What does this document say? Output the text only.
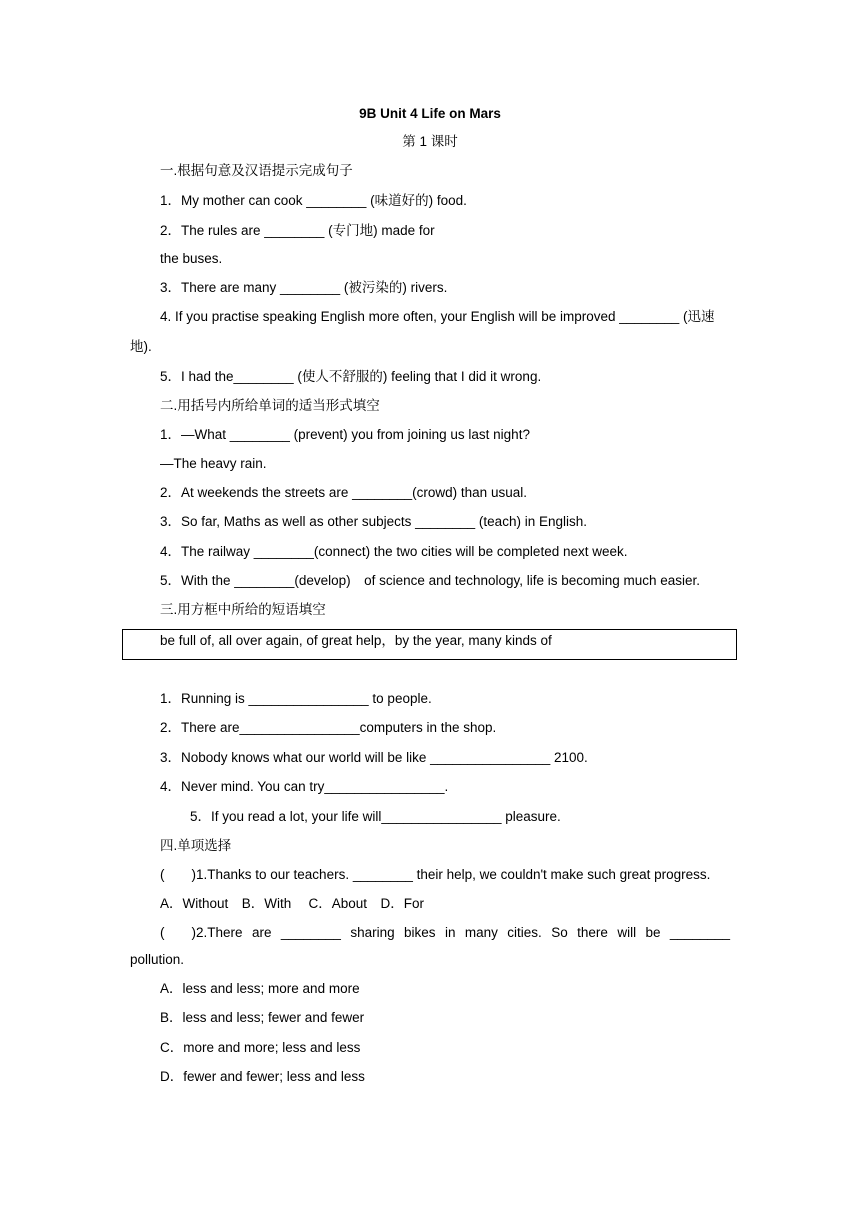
9B Unit 4 Life on Mars
第 1 课时
一.根据句意及汉语提示完成句子
1．My mother can cook ________ (味道好的) food.
2．The rules are ________ (专门地) made for
the buses.
3．There are many ________ (被污染的) rivers.
4. If you practise speaking English more often, your English will be improved ________ (迅速
地).
5．I had the________ (使人不舒服的) feeling that I did it wrong.
二.用括号内所给单词的适当形式填空
1．—What ________ (prevent) you from joining us last night?
—The heavy rain.
2．At weekends the streets are ________(crowd) than usual.
3．So far, Maths as well as other subjects ________ (teach) in English.
4．The railway ________(connect) the two cities will be completed next week.
5．With the ________(develop)　of science and technology, life is becoming much easier.
三.用方框中所给的短语填空
be full of, all over again, of great help，by the year, many kinds of
1．Running is ________________ to people.
2．There are________________computers in the shop.
3．Nobody knows what our world will be like ________________ 2100.
4．Never mind. You can try________________.
5．If you read a lot, your life will________________ pleasure.
四.单项选择
(　　)1.Thanks to our teachers. ________ their help, we couldn't make such great progress.
A．Without　B．With　 C．About　D．For
(　　)2.There are ________ sharing bikes in many cities. So there will be ________
pollution.
A．less and less; more and more
B．less and less; fewer and fewer
C．more and more; less and less
D．fewer and fewer; less and less
